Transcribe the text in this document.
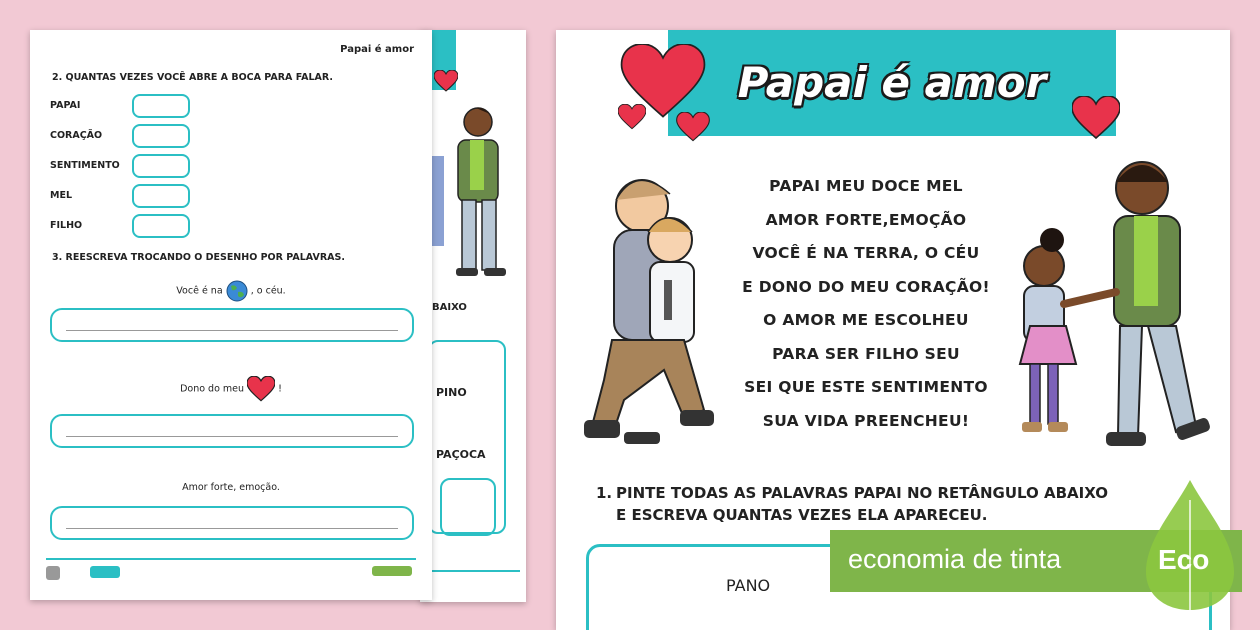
BAIXO
PINO
PAÇOCA
Papai é amor
2. QUANTAS VEZES VOCÊ ABRE A BOCA PARA FALAR.
PAPAI
CORAÇÃO
SENTIMENTO
MEL
FILHO
3. REESCREVA TROCANDO O DESENHO POR PALAVRAS.
Você é na	, o céu.
Dono do meu	!
Amor forte, emoção.
Papai é amor
PAPAI MEU DOCE MEL
AMOR FORTE,EMOÇÃO
VOCÊ É NA TERRA, O CÉU
E DONO DO MEU CORAÇÃO!
O AMOR ME ESCOLHEU
PARA SER FILHO SEU
SEI QUE ESTE SENTIMENTO
SUA VIDA PREENCHEU!
1. PINTE TODAS AS PALAVRAS PAPAI NO RETÂNGULO ABAIXO
E ESCREVA QUANTAS VEZES ELA APARECEU.
PANO
economia de tinta	Eco
